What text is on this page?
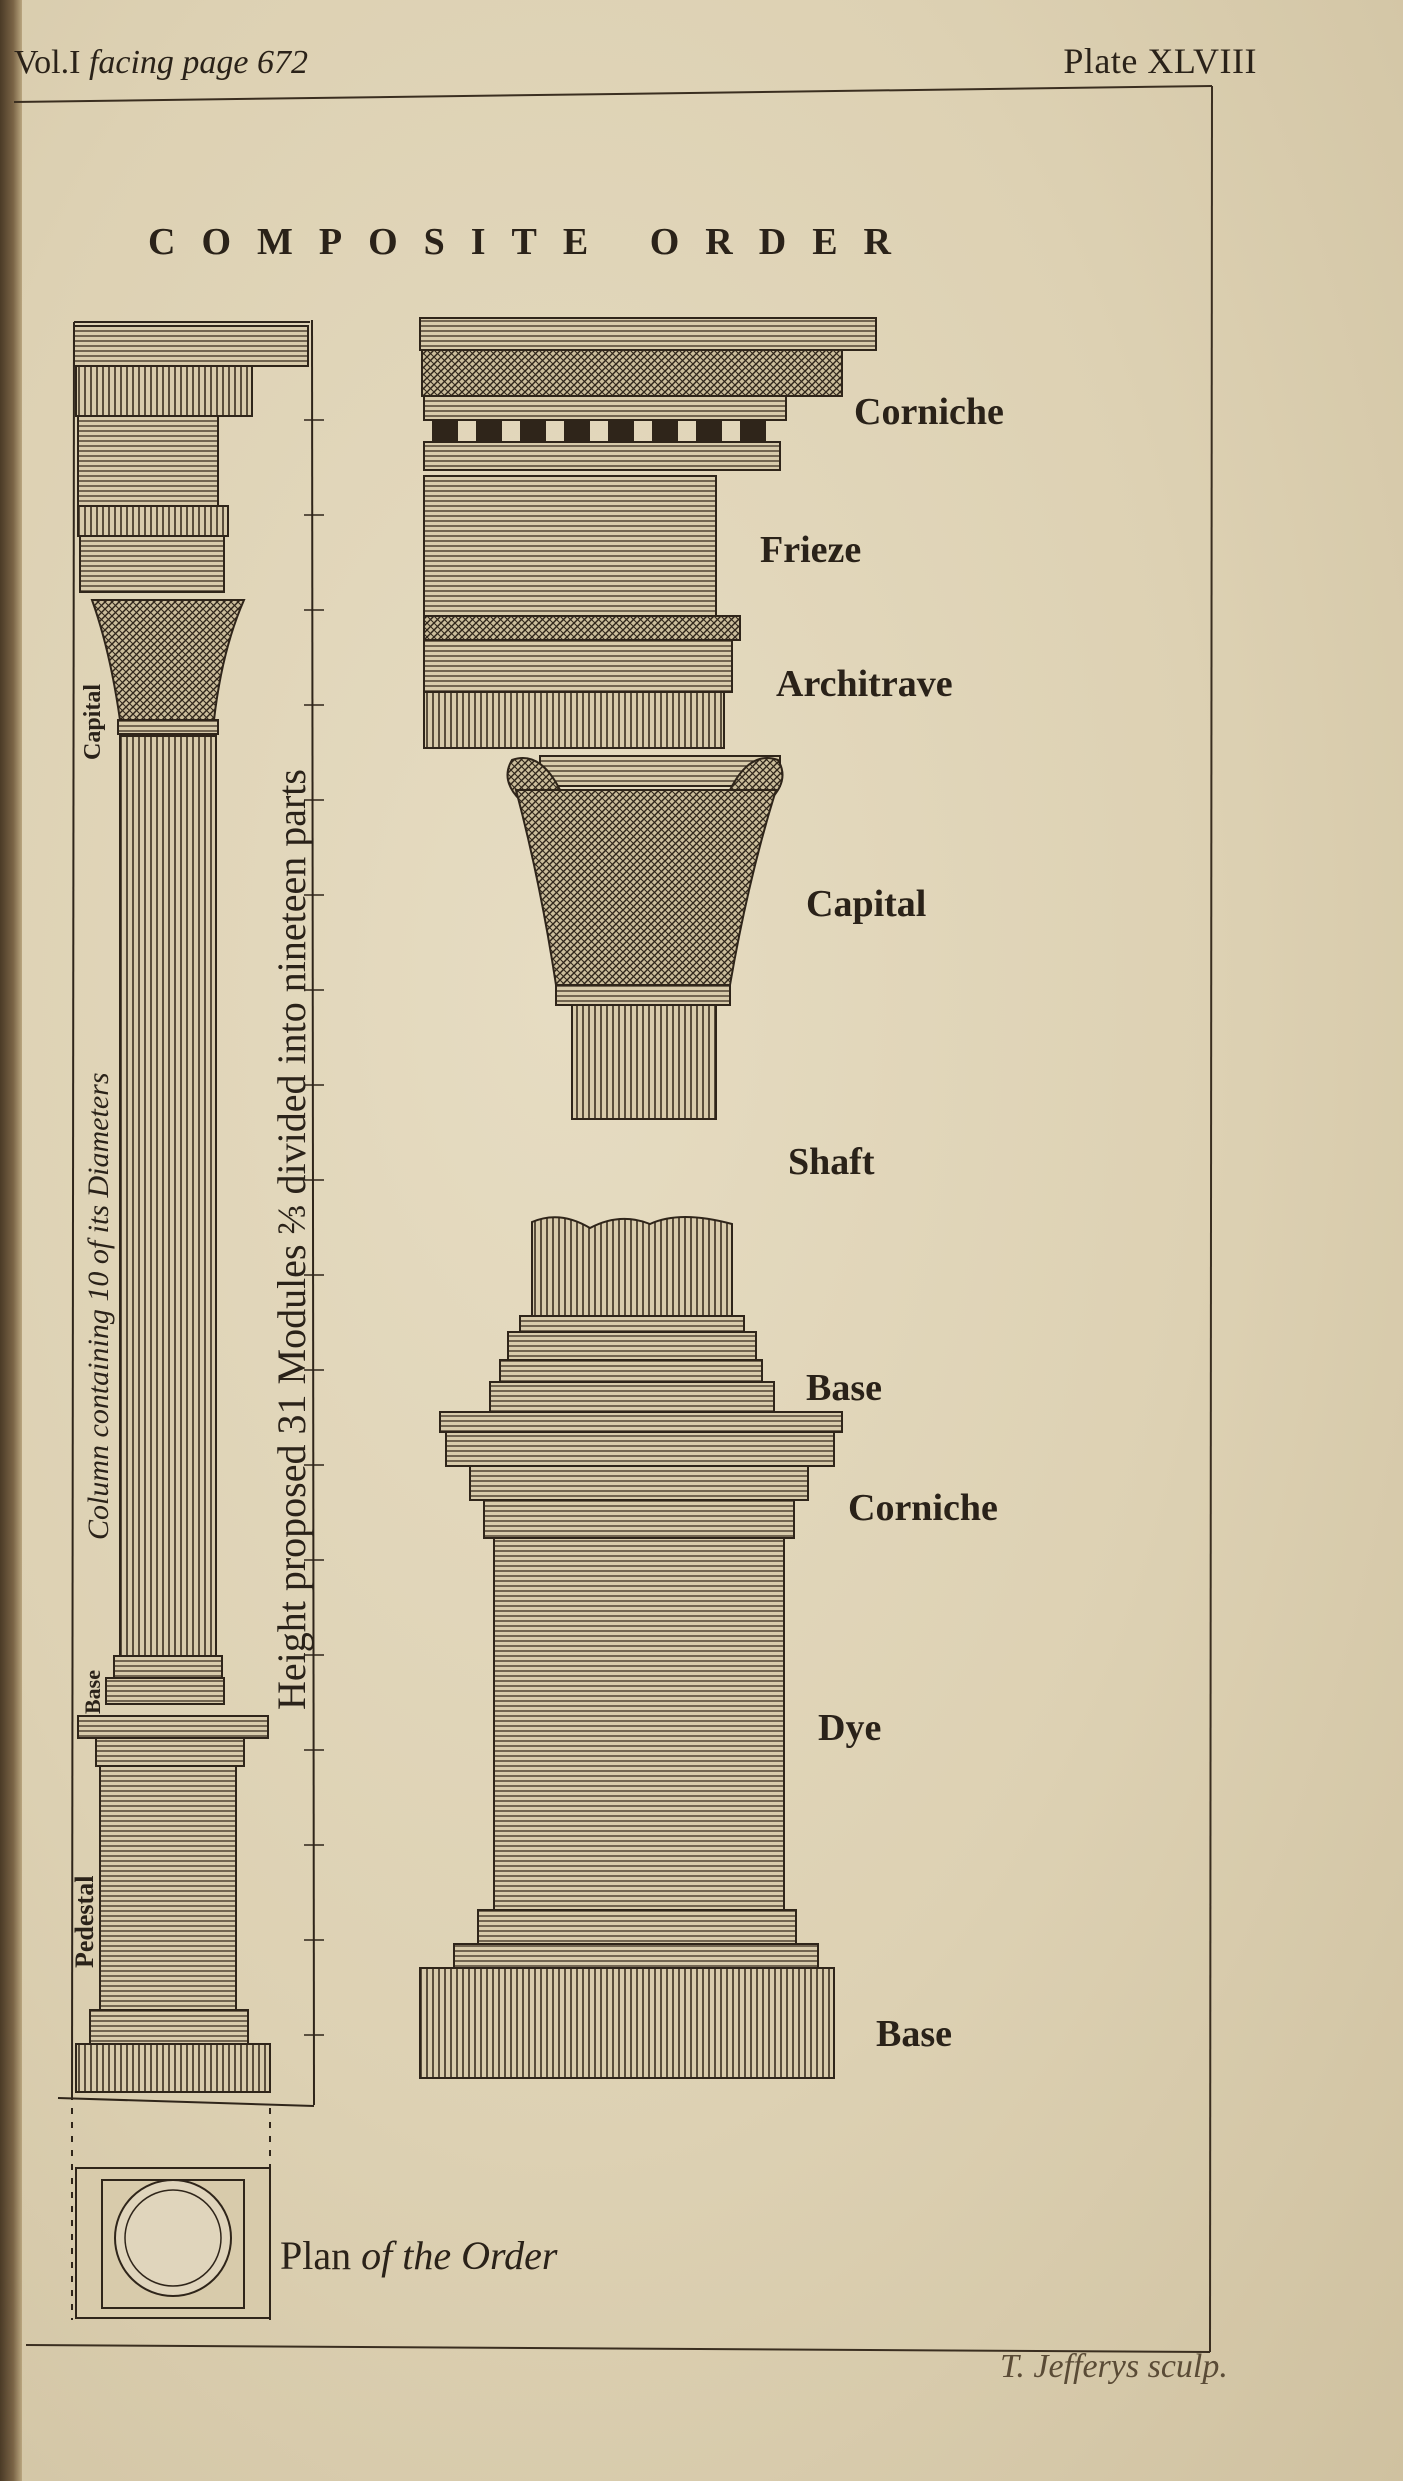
Vol.I facing page 672	Plate XLVIII
COMPOSITE ORDER
Height proposed 31 Modules ⅔ divided into nineteen parts
Column containing 10 of its Diameters
Capital
Base
Pedestal
Corniche
Frieze
Architrave
Capital
Shaft
Base
Corniche
Dye
Base
Plan of the Order
T. Jefferys sculp.
